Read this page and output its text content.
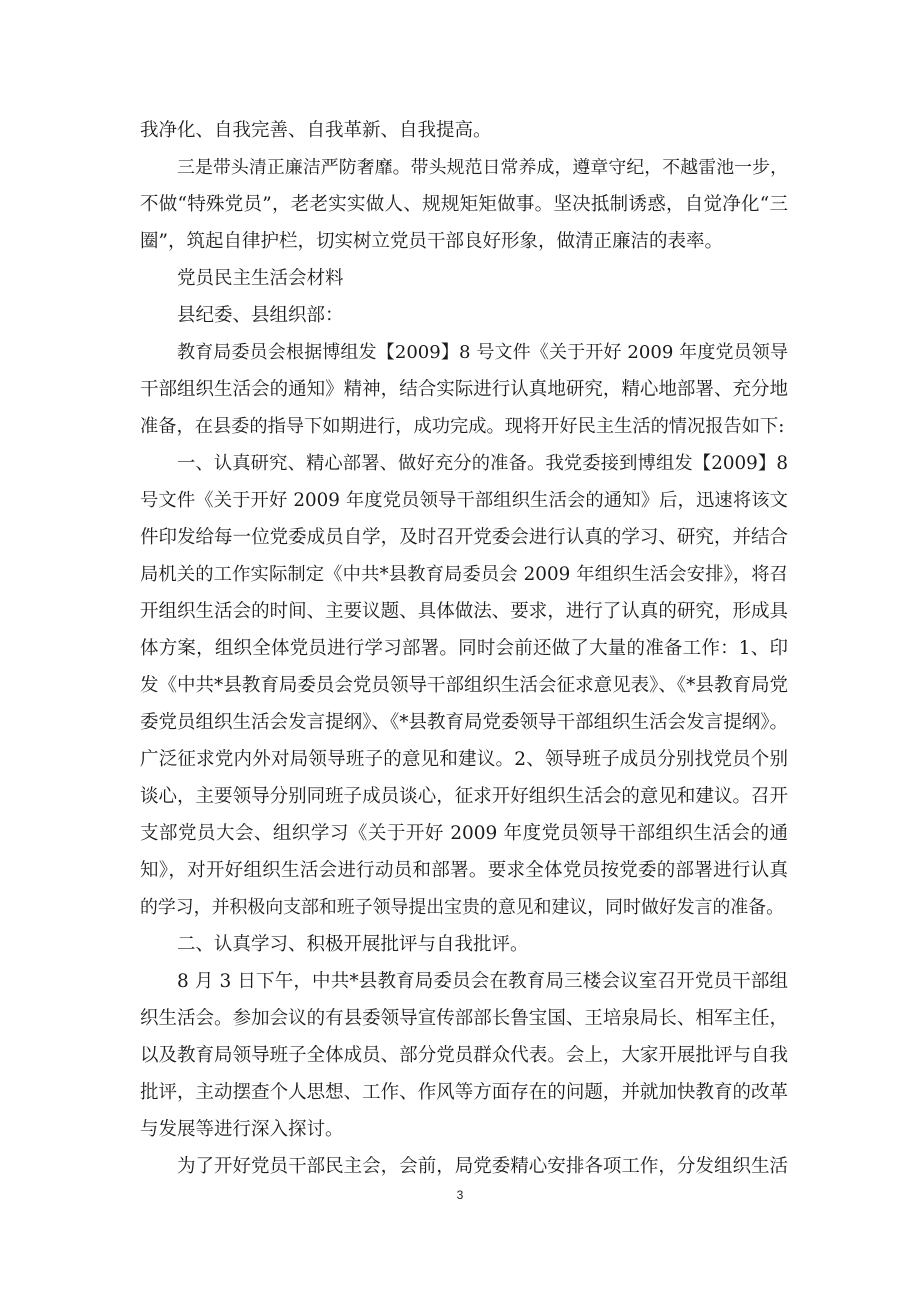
我净化、自我完善、自我革新、自我提高。
三是带头清正廉洁严防奢靡。带头规范日常养成，遵章守纪，不越雷池一步，
不做“特殊党员”，老老实实做人、规规矩矩做事。坚决抵制诱惑，自觉净化“三
圈”，筑起自律护栏，切实树立党员干部良好形象，做清正廉洁的表率。
党员民主生活会材料
县纪委、县组织部：
教育局委员会根据博组发【2009】8 号文件《关于开好 2009 年度党员领导
干部组织生活会的通知》精神，结合实际进行认真地研究，精心地部署、充分地
准备，在县委的指导下如期进行，成功完成。现将开好民主生活的情况报告如下:
一、认真研究、精心部署、做好充分的准备。我党委接到博组发【2009】8
号文件《关于开好 2009 年度党员领导干部组织生活会的通知》后，迅速将该文
件印发给每一位党委成员自学，及时召开党委会进行认真的学习、研究，并结合
局机关的工作实际制定《中共*县教育局委员会 2009 年组织生活会安排》，将召
开组织生活会的时间、主要议题、具体做法、要求，进行了认真的研究，形成具
体方案，组织全体党员进行学习部署。同时会前还做了大量的准备工作：1、印
发《中共*县教育局委员会党员领导干部组织生活会征求意见表》、《*县教育局党
委党员组织生活会发言提纲》、《*县教育局党委领导干部组织生活会发言提纲》。
广泛征求党内外对局领导班子的意见和建议。2、领导班子成员分别找党员个别
谈心，主要领导分别同班子成员谈心，征求开好组织生活会的意见和建议。召开
支部党员大会、组织学习《关于开好 2009 年度党员领导干部组织生活会的通
知》，对开好组织生活会进行动员和部署。要求全体党员按党委的部署进行认真
的学习，并积极向支部和班子领导提出宝贵的意见和建议，同时做好发言的准备。
二、认真学习、积极开展批评与自我批评。
8 月 3 日下午，中共*县教育局委员会在教育局三楼会议室召开党员干部组
织生活会。参加会议的有县委领导宣传部部长鲁宝国、王培泉局长、相军主任，
以及教育局领导班子全体成员、部分党员群众代表。会上，大家开展批评与自我
批评，主动摆查个人思想、工作、作风等方面存在的问题，并就加快教育的改革
与发展等进行深入探讨。
为了开好党员干部民主会，会前，局党委精心安排各项工作，分发组织生活
3
